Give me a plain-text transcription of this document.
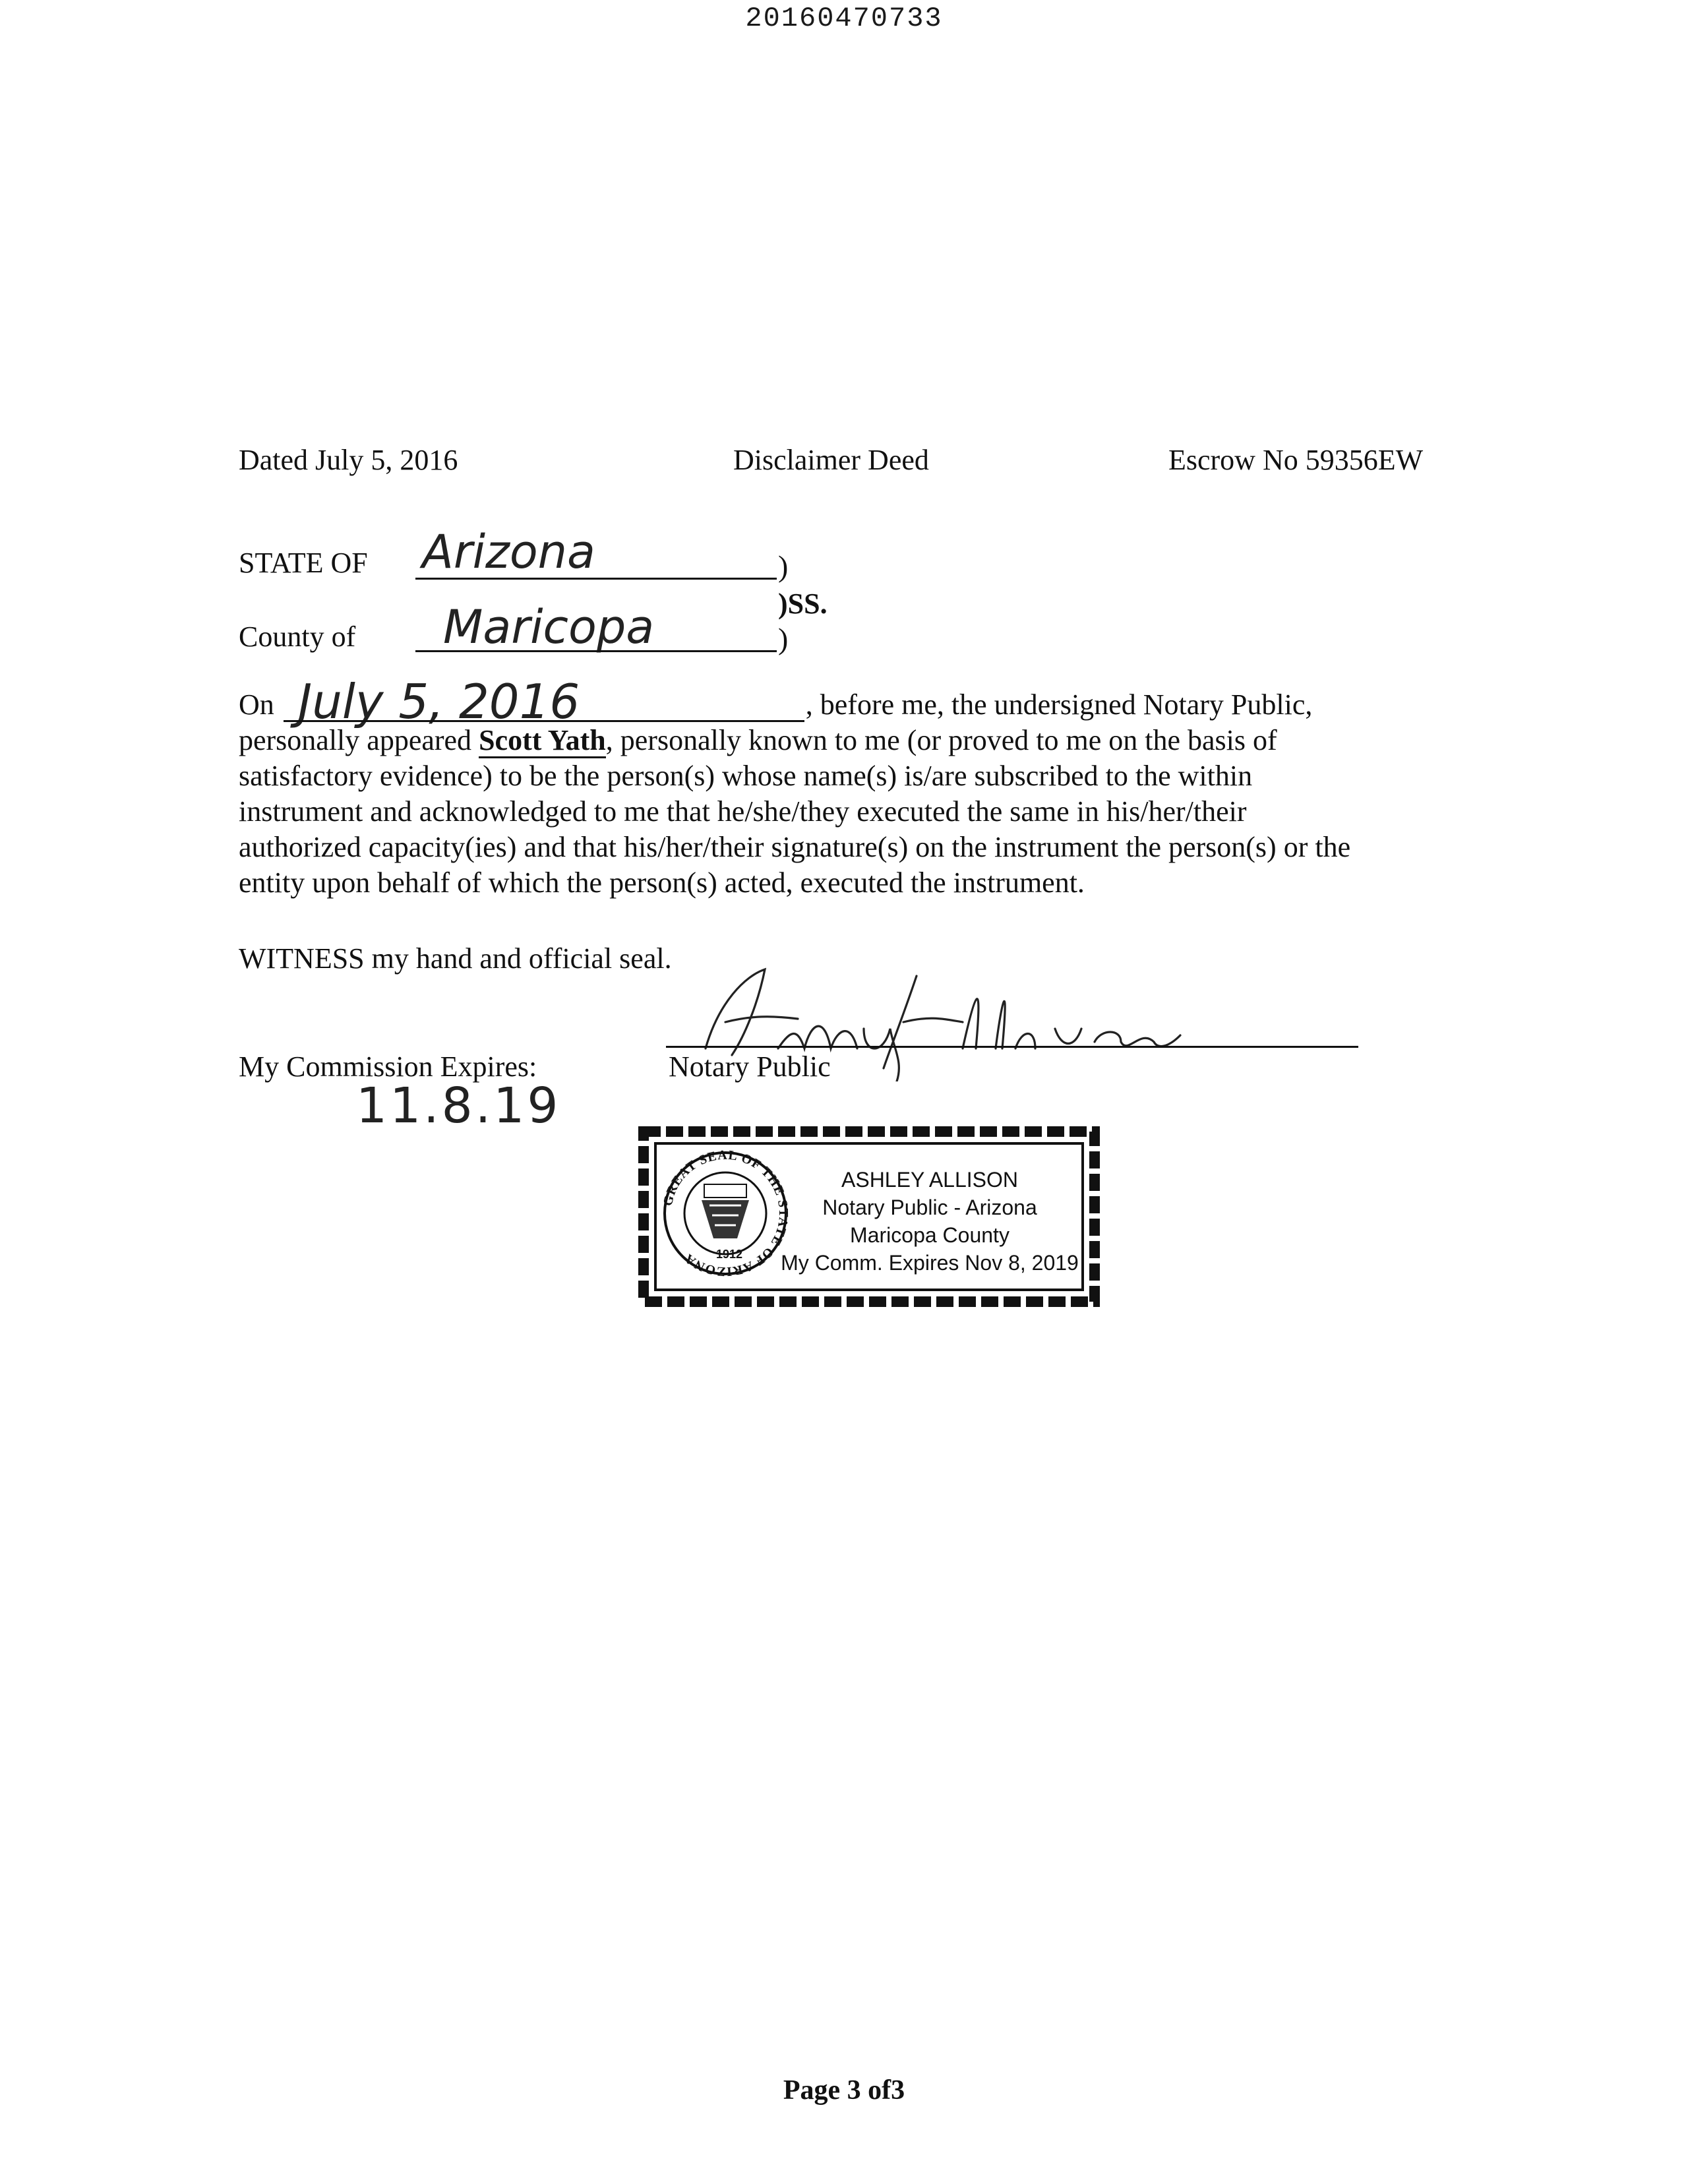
20160470733
Dated July 5, 2016	Disclaimer Deed	Escrow No 59356EW
STATE OF Arizona	)
)SS.
County of Maricopa	)
July 5, 2016
On	, before me, the undersigned Notary Public,
personally appeared Scott Yath, personally known to me (or proved to me on the basis of
satisfactory evidence) to be the person(s) whose name(s) is/are subscribed to the within
instrument and acknowledged to me that he/she/they executed the same in his/her/their
authorized capacity(ies) and that his/her/their signature(s) on the instrument the person(s) or the
entity upon behalf of which the person(s) acted, executed the instrument.
WITNESS my hand and official seal.
Notary Public
My Commission Expires:
11.8.19
GREAT SEAL OF THE STATE OF ARIZONA	1912
ASHLEY ALLISON
Notary Public - Arizona
Maricopa County
My Comm. Expires Nov 8, 2019
Page 3 of3
